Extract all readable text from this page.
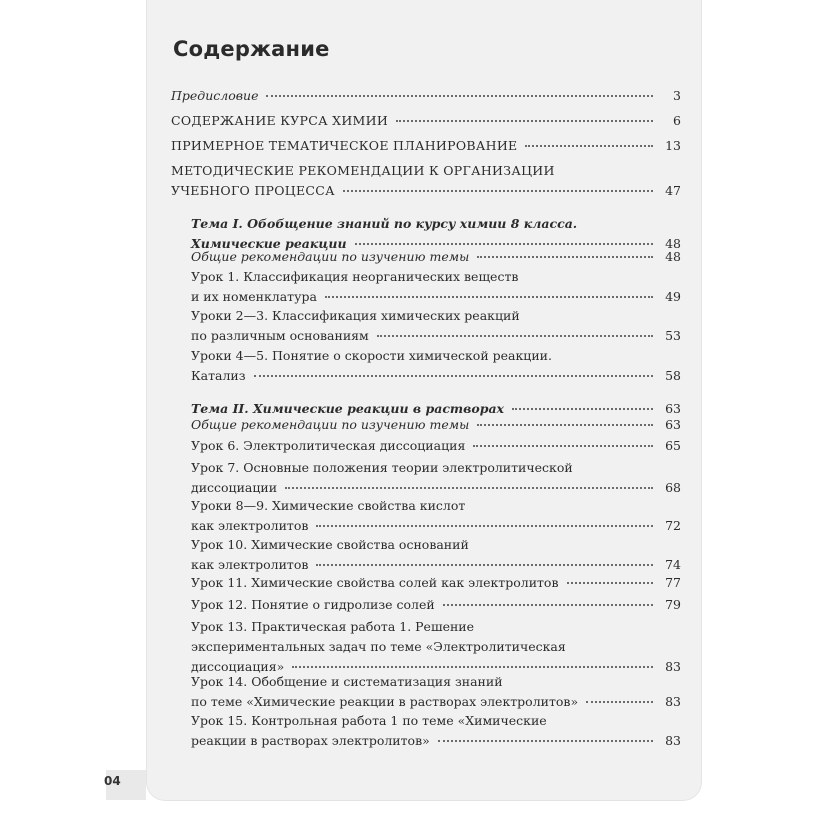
04
Содержание
Предисловие	3
СОДЕРЖАНИЕ КУРСА ХИМИИ	6
ПРИМЕРНОЕ ТЕМАТИЧЕСКОЕ ПЛАНИРОВАНИЕ	13
МЕТОДИЧЕСКИЕ РЕКОМЕНДАЦИИ К ОРГАНИЗАЦИИ
УЧЕБНОГО ПРОЦЕССА	47
Тема I. Обобщение знаний по курсу химии 8 класса.
Химические реакции	48
Общие рекомендации по изучению темы	48
Урок 1. Классификация неорганических веществ
и их номенклатура	49
Уроки 2—3. Классификация химических реакций
по различным основаниям	53
Уроки 4—5. Понятие о скорости химической реакции.
Катализ	58
Тема II. Химические реакции в растворах	63
Общие рекомендации по изучению темы	63
Урок 6. Электролитическая диссоциация	65
Урок 7. Основные положения теории электролитической
диссоциации	68
Уроки 8—9. Химические свойства кислот
как электролитов	72
Урок 10. Химические свойства оснований
как электролитов	74
Урок 11. Химические свойства солей как электролитов	77
Урок 12. Понятие о гидролизе солей	79
Урок 13. Практическая работа 1. Решение
экспериментальных задач по теме «Электролитическая
диссоциация»	83
Урок 14. Обобщение и систематизация знаний
по теме «Химические реакции в растворах электролитов»	83
Урок 15. Контрольная работа 1 по теме «Химические
реакции в растворах электролитов»	83
